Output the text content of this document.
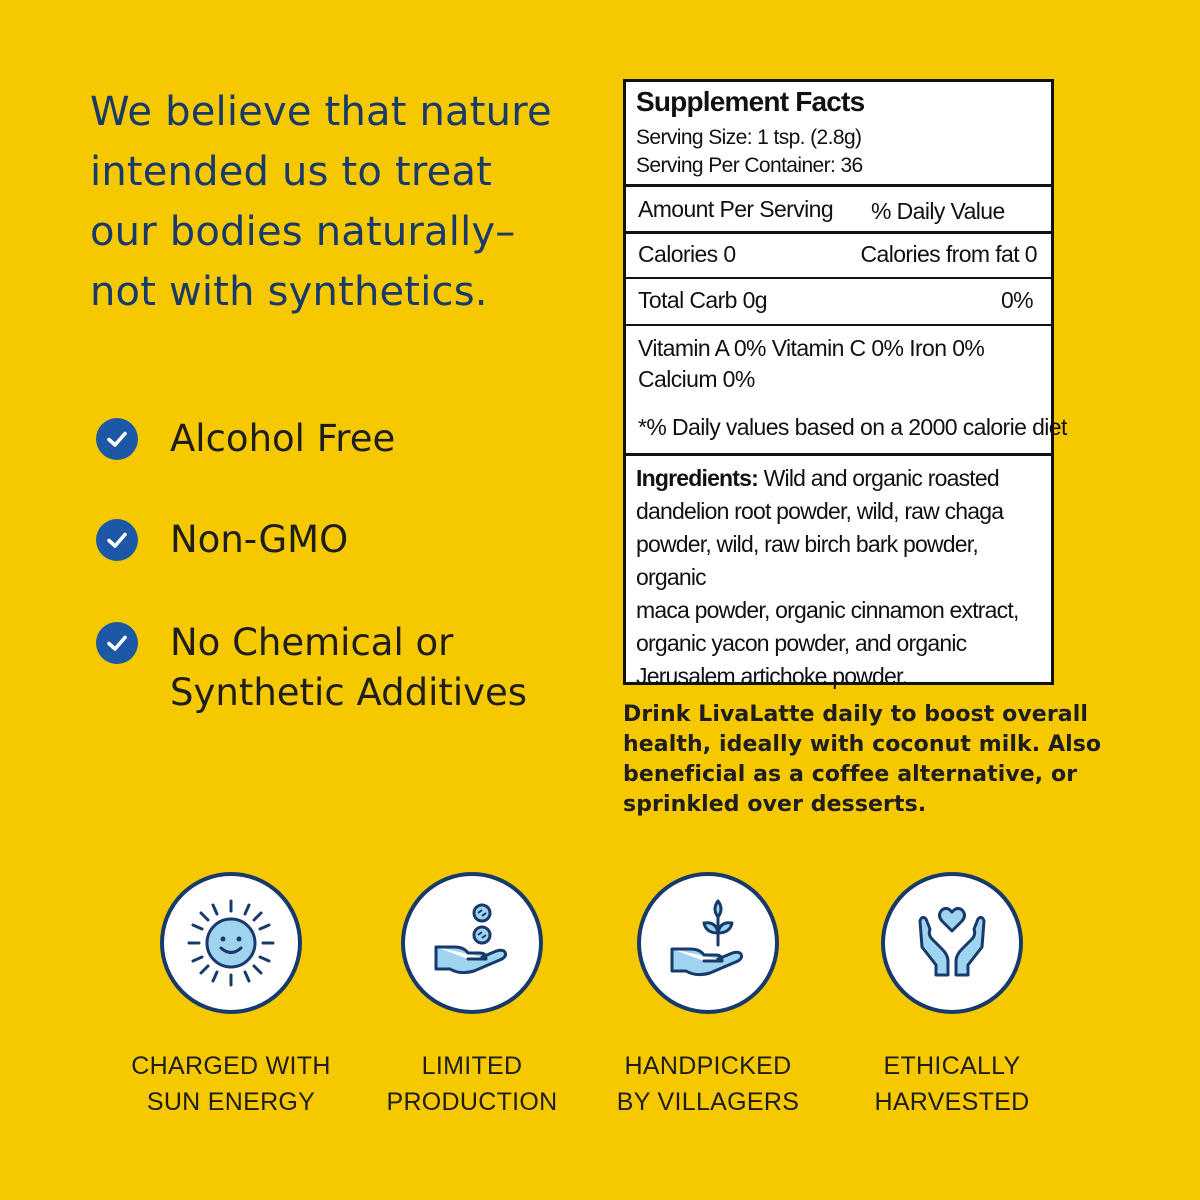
We believe that nature
intended us to treat
our bodies naturally–
not with synthetics.
Alcohol Free
Non-GMO
No Chemical or
Synthetic Additives
Supplement Facts
Serving Size: 1 tsp. (2.8g)
Serving Per Container: 36
Amount Per Serving % Daily Value
Calories 0	Calories from fat 0
Total Carb 0g	0%
Vitamin A 0% Vitamin C 0% Iron 0%
Calcium 0%
*% Daily values based on a 2000 calorie diet
Ingredients: Wild and organic roasted
dandelion root powder, wild, raw chaga
powder, wild, raw birch bark powder, organic
maca powder, organic cinnamon extract,
organic yacon powder, and organic
Jerusalem artichoke powder.
Drink LivaLatte daily to boost overall
health, ideally with coconut milk. Also
beneficial as a coffee alternative, or
sprinkled over desserts.
CHARGED WITH
SUN ENERGY
LIMITED
PRODUCTION
HANDPICKED
BY VILLAGERS
ETHICALLY
HARVESTED
